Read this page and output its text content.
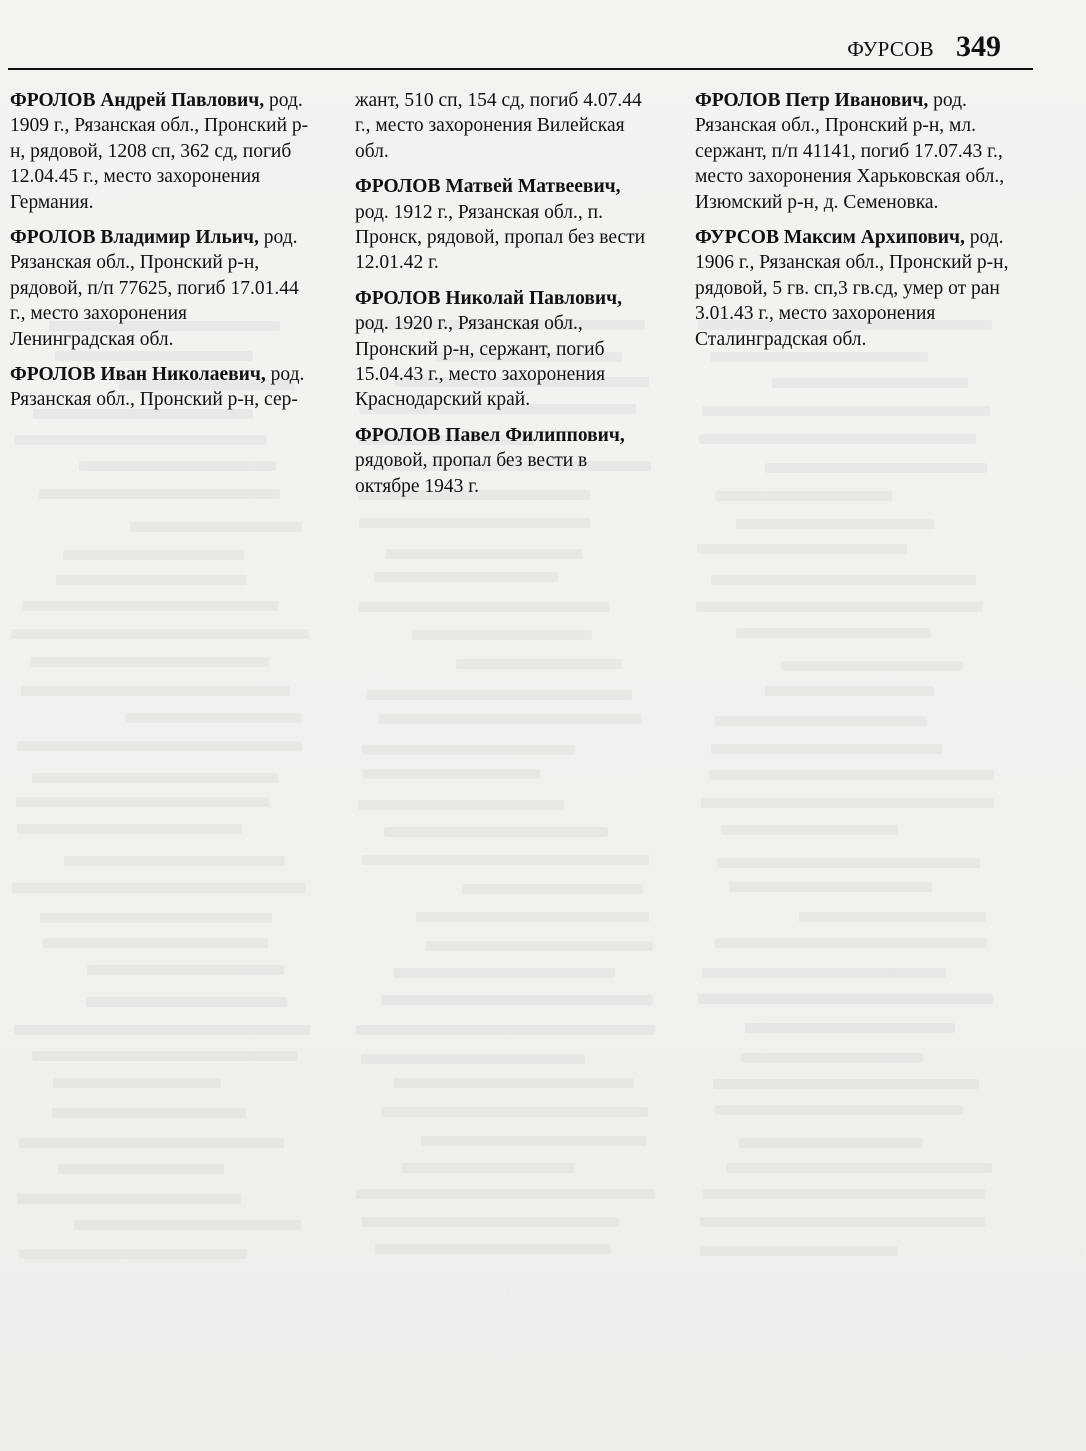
ФУРСОВ 349

ФРОЛОВ Андрей Павлович, род. 1909 г., Рязанская обл., Пронский р-н, рядовой, 1208 сп, 362 сд, погиб 12.04.45 г., место захоронения Германия.

ФРОЛОВ Владимир Ильич, род. Рязанская обл., Пронский р-н, рядовой, п/п 77625, погиб 17.01.44 г., место захоронения Ленинградская обл.

ФРОЛОВ Иван Николаевич, род. Рязанская обл., Пронский р-н, сер-

жант, 510 сп, 154 сд, погиб 4.07.44 г., место захоронения Вилейская обл.

ФРОЛОВ Матвей Матвеевич, род. 1912 г., Рязанская обл., п. Пронск, рядовой, пропал без вести 12.01.42 г.

ФРОЛОВ Николай Павлович, род. 1920 г., Рязанская обл., Пронский р-н, сержант, погиб 15.04.43 г., место захоронения Краснодарский край.

ФРОЛОВ Павел Филиппович, рядовой, пропал без вести в октябре 1943 г.

ФРОЛОВ Петр Иванович, род. Рязанская обл., Пронский р-н, мл. сержант, п/п 41141, погиб 17.07.43 г., место захоронения Харьковская обл., Изюмский р-н, д. Семеновка.

ФУРСОВ Максим Архипович, род. 1906 г., Рязанская обл., Пронский р-н, рядовой, 5 гв. сп,3 гв.сд, умер от ран 3.01.43 г., место захоронения Сталинградская обл.
